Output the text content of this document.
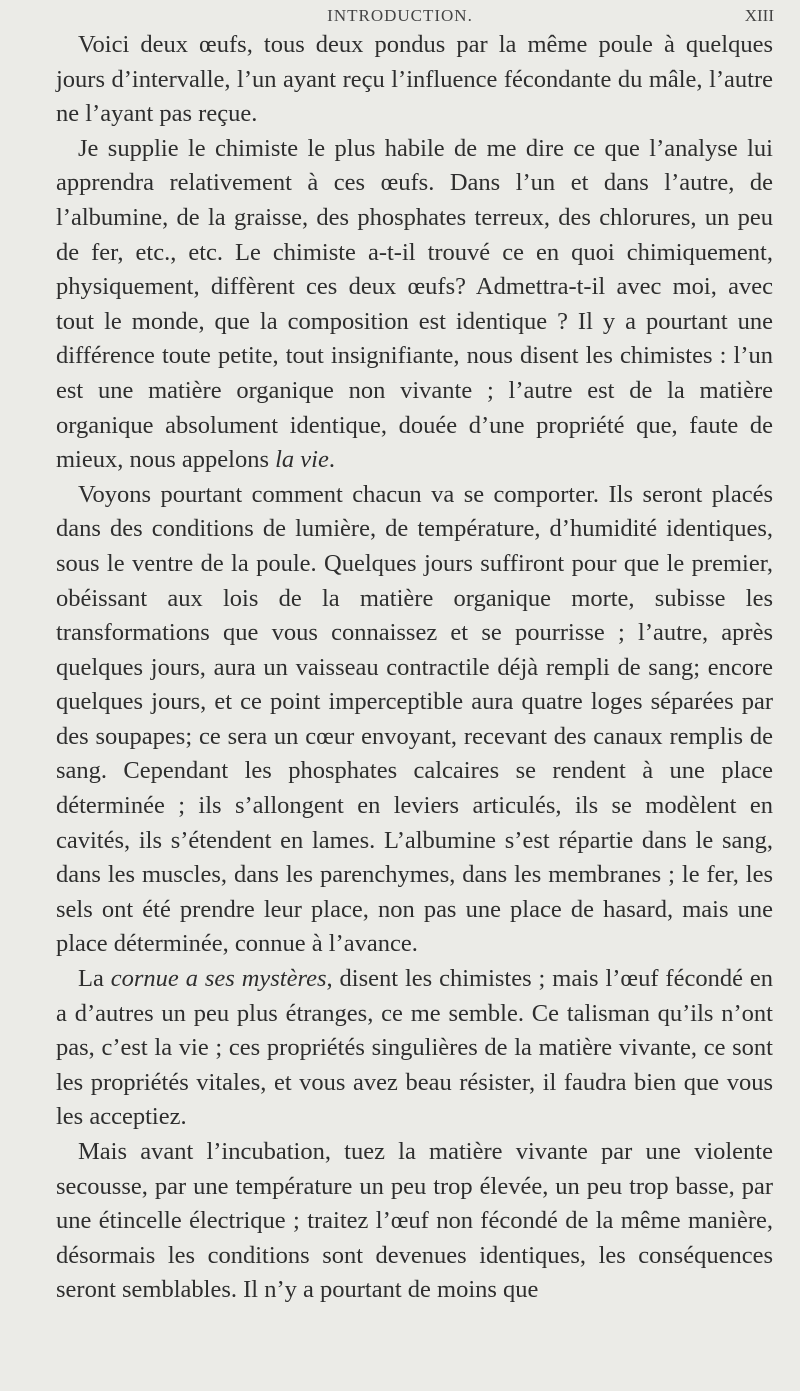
INTRODUCTION.	XIII

Voici deux œufs, tous deux pondus par la même poule à quelques jours d’intervalle, l’un ayant reçu l’influence fécondante du mâle, l’autre ne l’ayant pas reçue.

Je supplie le chimiste le plus habile de me dire ce que l’analyse lui apprendra relativement à ces œufs. Dans l’un et dans l’autre, de l’albumine, de la graisse, des phosphates terreux, des chlorures, un peu de fer, etc., etc. Le chimiste a-t-il trouvé ce en quoi chimiquement, physiquement, diffèrent ces deux œufs? Admettra-t-il avec moi, avec tout le monde, que la composition est identique ? Il y a pourtant une différence toute petite, tout insignifiante, nous disent les chimistes : l’un est une matière organique non vivante ; l’autre est de la matière organique absolument identique, douée d’une propriété que, faute de mieux, nous appelons la vie.

Voyons pourtant comment chacun va se comporter. Ils seront placés dans des conditions de lumière, de température, d’humidité identiques, sous le ventre de la poule. Quelques jours suffiront pour que le premier, obéissant aux lois de la matière organique morte, subisse les transformations que vous connaissez et se pourrisse ; l’autre, après quelques jours, aura un vaisseau contractile déjà rempli de sang; encore quelques jours, et ce point imperceptible aura quatre loges séparées par des soupapes; ce sera un cœur envoyant, recevant des canaux remplis de sang. Cependant les phosphates calcaires se rendent à une place déterminée ; ils s’allongent en leviers articulés, ils se modèlent en cavités, ils s’étendent en lames. L’albumine s’est répartie dans le sang, dans les muscles, dans les parenchymes, dans les membranes ; le fer, les sels ont été prendre leur place, non pas une place de hasard, mais une place déterminée, connue à l’avance.

La cornue a ses mystères, disent les chimistes ; mais l’œuf fécondé en a d’autres un peu plus étranges, ce me semble. Ce talisman qu’ils n’ont pas, c’est la vie ; ces propriétés singulières de la matière vivante, ce sont les propriétés vitales, et vous avez beau résister, il faudra bien que vous les acceptiez.

Mais avant l’incubation, tuez la matière vivante par une violente secousse, par une température un peu trop élevée, un peu trop basse, par une étincelle électrique ; traitez l’œuf non fécondé de la même manière, désormais les conditions sont devenues identiques, les conséquences seront semblables. Il n’y a pourtant de moins que
